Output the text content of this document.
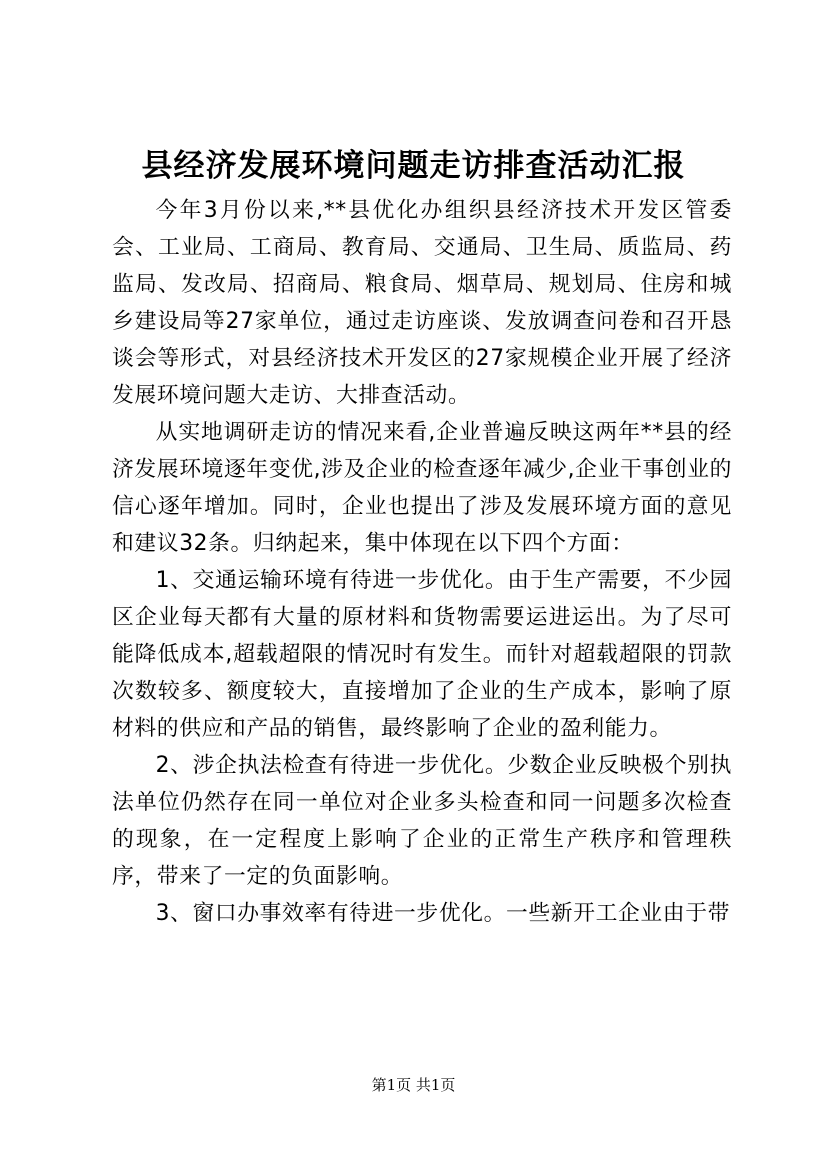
县经济发展环境问题走访排查活动汇报

今年3月份以来,**县优化办组织县经济技术开发区管委会、工业局、工商局、教育局、交通局、卫生局、质监局、药监局、发改局、招商局、粮食局、烟草局、规划局、住房和城乡建设局等27家单位，通过走访座谈、发放调查问卷和召开恳谈会等形式，对县经济技术开发区的27家规模企业开展了经济发展环境问题大走访、大排查活动。

从实地调研走访的情况来看,企业普遍反映这两年**县的经济发展环境逐年变优,涉及企业的检查逐年减少,企业干事创业的信心逐年增加。同时，企业也提出了涉及发展环境方面的意见和建议32条。归纳起来，集中体现在以下四个方面：

1、交通运输环境有待进一步优化。由于生产需要，不少园区企业每天都有大量的原材料和货物需要运进运出。为了尽可能降低成本,超载超限的情况时有发生。而针对超载超限的罚款次数较多、额度较大，直接增加了企业的生产成本，影响了原材料的供应和产品的销售，最终影响了企业的盈利能力。

2、涉企执法检查有待进一步优化。少数企业反映极个别执法单位仍然存在同一单位对企业多头检查和同一问题多次检查的现象，在一定程度上影响了企业的正常生产秩序和管理秩序，带来了一定的负面影响。

3、窗口办事效率有待进一步优化。一些新开工企业由于带

第1页 共1页
